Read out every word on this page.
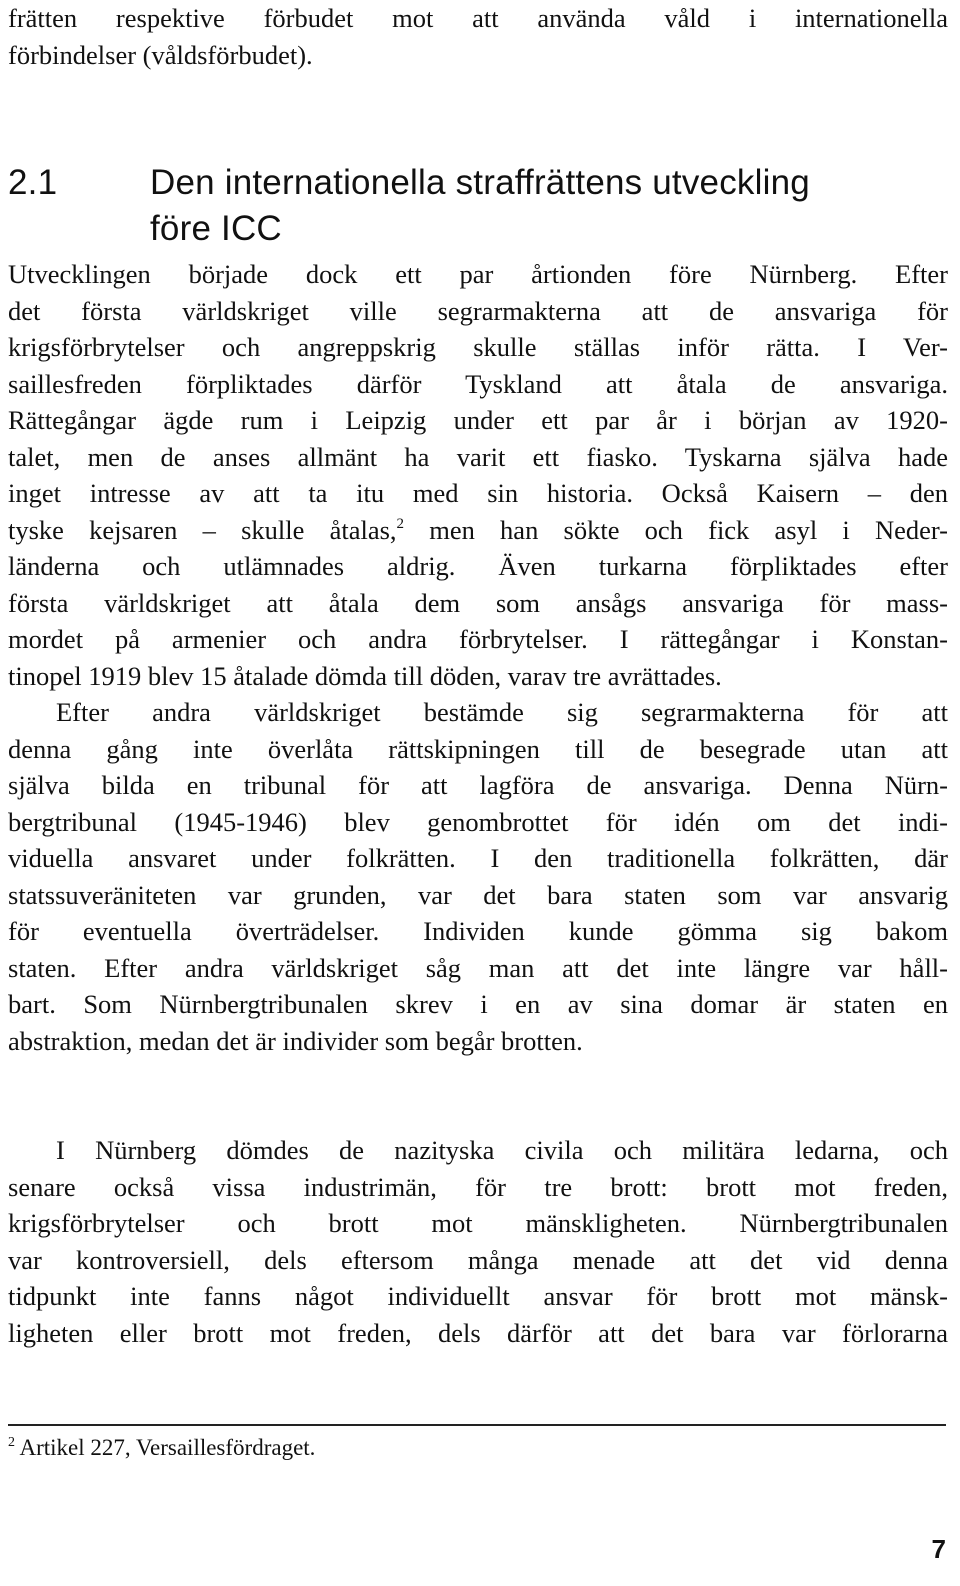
frätten respektive förbudet mot att använda våld i internationella
förbindelser (våldsförbudet).
2.1	Den internationella straffrättens utveckling
före ICC
Utvecklingen började dock ett par årtionden före Nürnberg. Efter
det första världskriget ville segrarmakterna att de ansvariga för
krigsförbrytelser och angreppskrig skulle ställas inför rätta. I Ver-
saillesfreden förpliktades därför Tyskland att åtala de ansvariga.
Rättegångar ägde rum i Leipzig under ett par år i början av 1920-
talet, men de anses allmänt ha varit ett fiasko. Tyskarna själva hade
inget intresse av att ta itu med sin historia. Också Kaisern – den
tyske kejsaren – skulle åtalas,$^2$ men han sökte och fick asyl i Neder-
länderna och utlämnades aldrig. Även turkarna förpliktades efter
första världskriget att åtala dem som ansågs ansvariga för mass-
mordet på armenier och andra förbrytelser. I rättegångar i Konstan-
tinopel 1919 blev 15 åtalade dömda till döden, varav tre avrättades.
Efter andra världskriget bestämde sig segrarmakterna för att
denna gång inte överlåta rättskipningen till de besegrade utan att
själva bilda en tribunal för att lagföra de ansvariga. Denna Nürn-
bergtribunal (1945-1946) blev genombrottet för idén om det indi-
viduella ansvaret under folkrätten. I den traditionella folkrätten, där
statssuveräniteten var grunden, var det bara staten som var ansvarig
för eventuella överträdelser. Individen kunde gömma sig bakom
staten. Efter andra världskriget såg man att det inte längre var håll-
bart. Som Nürnbergtribunalen skrev i en av sina domar är staten en
abstraktion, medan det är individer som begår brotten.
I Nürnberg dömdes de nazityska civila och militära ledarna, och
senare också vissa industrimän, för tre brott: brott mot freden,
krigsförbrytelser och brott mot mänskligheten. Nürnbergtribunalen
var kontroversiell, dels eftersom många menade att det vid denna
tidpunkt inte fanns något individuellt ansvar för brott mot mänsk-
ligheten eller brott mot freden, dels därför att det bara var förlorarna
$^2$ Artikel 227, Versaillesfördraget.
7
